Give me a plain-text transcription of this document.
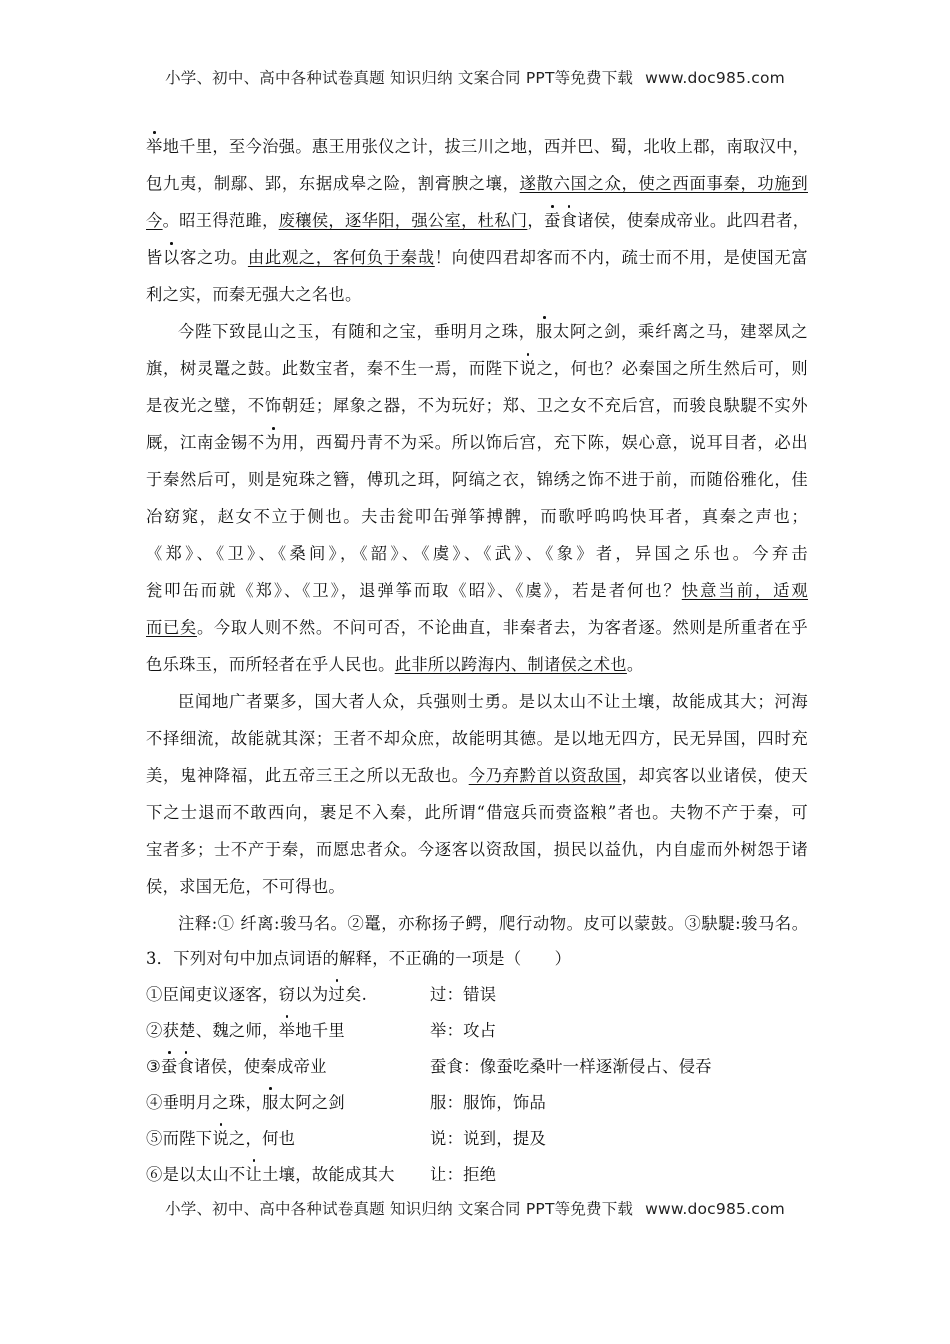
小学、初中、高中各种试卷真题 知识归纳 文案合同 PPT等免费下载 www.doc985.com
举地千里，至今治强。惠王用张仪之计，拔三川之地，西并巴、蜀，北收上郡，南取汉中，
包九夷，制鄢、郢，东据成皋之险，割膏腴之壤，遂散六国之众，使之西面事秦，功施到
今。昭王得范雎，废穰侯，逐华阳，强公室，杜私门，蚕食诸侯，使秦成帝业。此四君者，
皆以客之功。由此观之，客何负于秦哉！向使四君却客而不内，疏士而不用，是使国无富
利之实，而秦无强大之名也。
今陛下致昆山之玉，有随和之宝，垂明月之珠，服太阿之剑，乘纤离之马，建翠凤之
旗，树灵鼍之鼓。此数宝者，秦不生一焉，而陛下说之，何也？必秦国之所生然后可，则
是夜光之璧，不饰朝廷；犀象之器，不为玩好；郑、卫之女不充后宫，而骏良駃騠不实外
厩，江南金锡不为用，西蜀丹青不为采。所以饰后宫，充下陈，娱心意，说耳目者，必出
于秦然后可，则是宛珠之簪，傅玑之珥，阿缟之衣，锦绣之饰不进于前，而随俗雅化，佳
冶窈窕，赵女不立于侧也。夫击瓮叩缶弹筝搏髀，而歌呼呜呜快耳者，真秦之声也；
《郑》、《卫》、《桑间》，《韶》、《虞》、《武》、《象》者，异国之乐也。今弃击
瓮叩缶而就《郑》、《卫》，退弹筝而取《昭》、《虞》，若是者何也？快意当前，适观
而已矣。今取人则不然。不问可否，不论曲直，非秦者去，为客者逐。然则是所重者在乎
色乐珠玉，而所轻者在乎人民也。此非所以跨海内、制诸侯之术也。
臣闻地广者粟多，国大者人众，兵强则士勇。是以太山不让土壤，故能成其大；河海
不择细流，故能就其深；王者不却众庶，故能明其德。是以地无四方，民无异国，四时充
美，鬼神降福，此五帝三王之所以无敌也。今乃弃黔首以资敌国，却宾客以业诸侯，使天
下之士退而不敢西向，裹足不入秦，此所谓“借寇兵而赍盗粮”者也。夫物不产于秦，可
宝者多；士不产于秦，而愿忠者众。今逐客以资敌国，损民以益仇，内自虚而外树怨于诸
侯，求国无危，不可得也。
注释:① 纤离:骏马名。②鼍，亦称扬子鳄，爬行动物。皮可以蒙鼓。③駃騠:骏马名。
3．下列对句中加点词语的解释，不正确的一项是（　　）
①臣闻吏议逐客，窃以为过矣.	过：错误
②获楚、魏之师，举地千里	举：攻占
③蚕食诸侯，使秦成帝业	蚕食：像蚕吃桑叶一样逐渐侵占、侵吞
④垂明月之珠，服太阿之剑	服：服饰，饰品
⑤而陛下说之，何也	说：说到，提及
⑥是以太山不让土壤，故能成其大 让：拒绝
小学、初中、高中各种试卷真题 知识归纳 文案合同 PPT等免费下载 www.doc985.com
